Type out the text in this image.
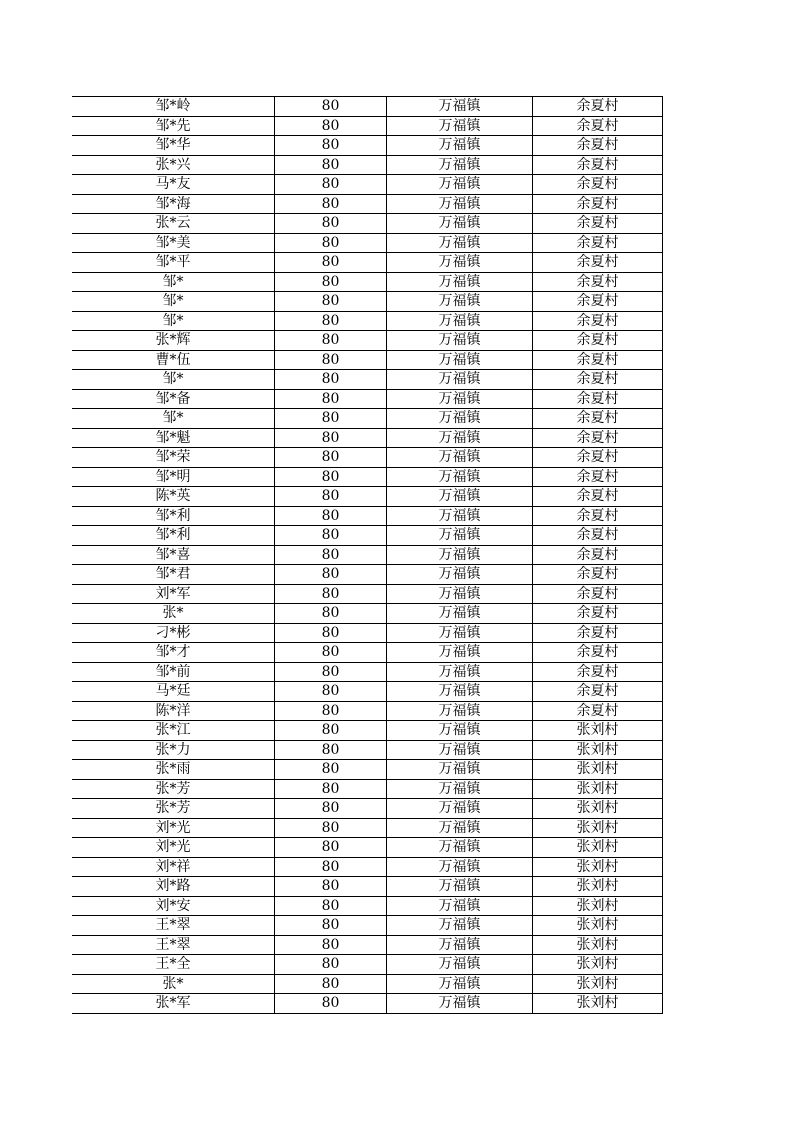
邹*岭	80	万福镇	余夏村
邹*先	80	万福镇	余夏村
邹*华	80	万福镇	余夏村
张*兴	80	万福镇	余夏村
马*友	80	万福镇	余夏村
邹*海	80	万福镇	余夏村
张*云	80	万福镇	余夏村
邹*美	80	万福镇	余夏村
邹*平	80	万福镇	余夏村
邹*	80	万福镇	余夏村
邹*	80	万福镇	余夏村
邹*	80	万福镇	余夏村
张*辉	80	万福镇	余夏村
曹*伍	80	万福镇	余夏村
邹*	80	万福镇	余夏村
邹*备	80	万福镇	余夏村
邹*	80	万福镇	余夏村
邹*魁	80	万福镇	余夏村
邹*荣	80	万福镇	余夏村
邹*明	80	万福镇	余夏村
陈*英	80	万福镇	余夏村
邹*利	80	万福镇	余夏村
邹*利	80	万福镇	余夏村
邹*喜	80	万福镇	余夏村
邹*君	80	万福镇	余夏村
刘*军	80	万福镇	余夏村
张*	80	万福镇	余夏村
刁*彬	80	万福镇	余夏村
邹*才	80	万福镇	余夏村
邹*前	80	万福镇	余夏村
马*廷	80	万福镇	余夏村
陈*洋	80	万福镇	余夏村
张*江	80	万福镇	张刘村
张*力	80	万福镇	张刘村
张*雨	80	万福镇	张刘村
张*芳	80	万福镇	张刘村
张*芳	80	万福镇	张刘村
刘*光	80	万福镇	张刘村
刘*光	80	万福镇	张刘村
刘*祥	80	万福镇	张刘村
刘*路	80	万福镇	张刘村
刘*安	80	万福镇	张刘村
王*翠	80	万福镇	张刘村
王*翠	80	万福镇	张刘村
王*全	80	万福镇	张刘村
张*	80	万福镇	张刘村
张*军	80	万福镇	张刘村
